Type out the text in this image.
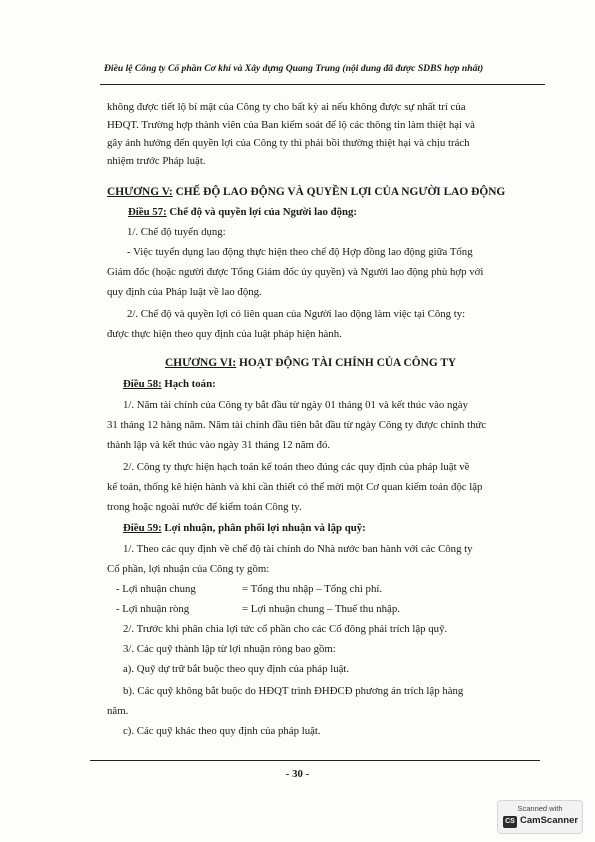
Điều lệ Công ty Cổ phần Cơ khí và Xây dựng Quang Trung (nội dung đã được SDBS hợp nhất)
không được tiết lộ bí mật của Công ty cho bất kỳ ai nếu không được sự nhất trí của
HĐQT. Trường hợp thành viên của Ban kiểm soát để lộ các thông tin làm thiệt hại và
gây ảnh hưởng đến quyền lợi của Công ty thì phải bồi thường thiệt hại và chịu trách
nhiệm trước Pháp luật.
CHƯƠNG V: CHẾ ĐỘ LAO ĐỘNG VÀ QUYỀN LỢI CỦA NGƯỜI LAO ĐỘNG
Điều 57: Chế độ và quyền lợi của Người lao động:
1/. Chế độ tuyển dụng:
- Việc tuyển dụng lao động thực hiện theo chế độ Hợp đồng lao động giữa Tổng
Giám đốc (hoặc người được Tổng Giám đốc ủy quyền) và Người lao động phù hợp với
quy định của Pháp luật về lao động.
2/. Chế độ và quyền lợi có liên quan của Người lao động làm việc tại Công ty:
được thực hiện theo quy định của luật pháp hiện hành.
CHƯƠNG VI: HOẠT ĐỘNG TÀI CHÍNH CỦA CÔNG TY
Điều 58: Hạch toán:
1/. Năm tài chính của Công ty bắt đầu từ ngày 01 tháng 01 và kết thúc vào ngày
31 tháng 12 hàng năm. Năm tài chính đầu tiên bắt đầu từ ngày Công ty được chính thức
thành lập và kết thúc vào ngày 31 tháng 12 năm đó.
2/. Công ty thực hiện hạch toán kế toán theo đúng các quy định của pháp luật về
kế toán, thống kê hiện hành và khi cần thiết có thể mời một Cơ quan kiểm toán độc lập
trong hoặc ngoài nước để kiểm toán Công ty.
Điều 59: Lợi nhuận, phân phối lợi nhuận và lập quỹ:
1/. Theo các quy định về chế độ tài chính do Nhà nước ban hành với các Công ty
Cổ phần, lợi nhuận của Công ty gồm:
- Lợi nhuận chung	= Tổng thu nhập – Tổng chi phí.
- Lợi nhuận ròng	= Lợi nhuận chung – Thuế thu nhập.
2/. Trước khi phân chia lợi tức cổ phần cho các Cổ đông phải trích lập quỹ.
3/. Các quỹ thành lập từ lợi nhuận ròng bao gồm:
a). Quỹ dự trữ bắt buộc theo quy định của pháp luật.
b). Các quỹ không bắt buộc do HĐQT trình ĐHĐCĐ phương án trích lập hàng
năm.
c). Các quỹ khác theo quy định của pháp luật.
- 30 -
Scanned with
CS CamScanner
